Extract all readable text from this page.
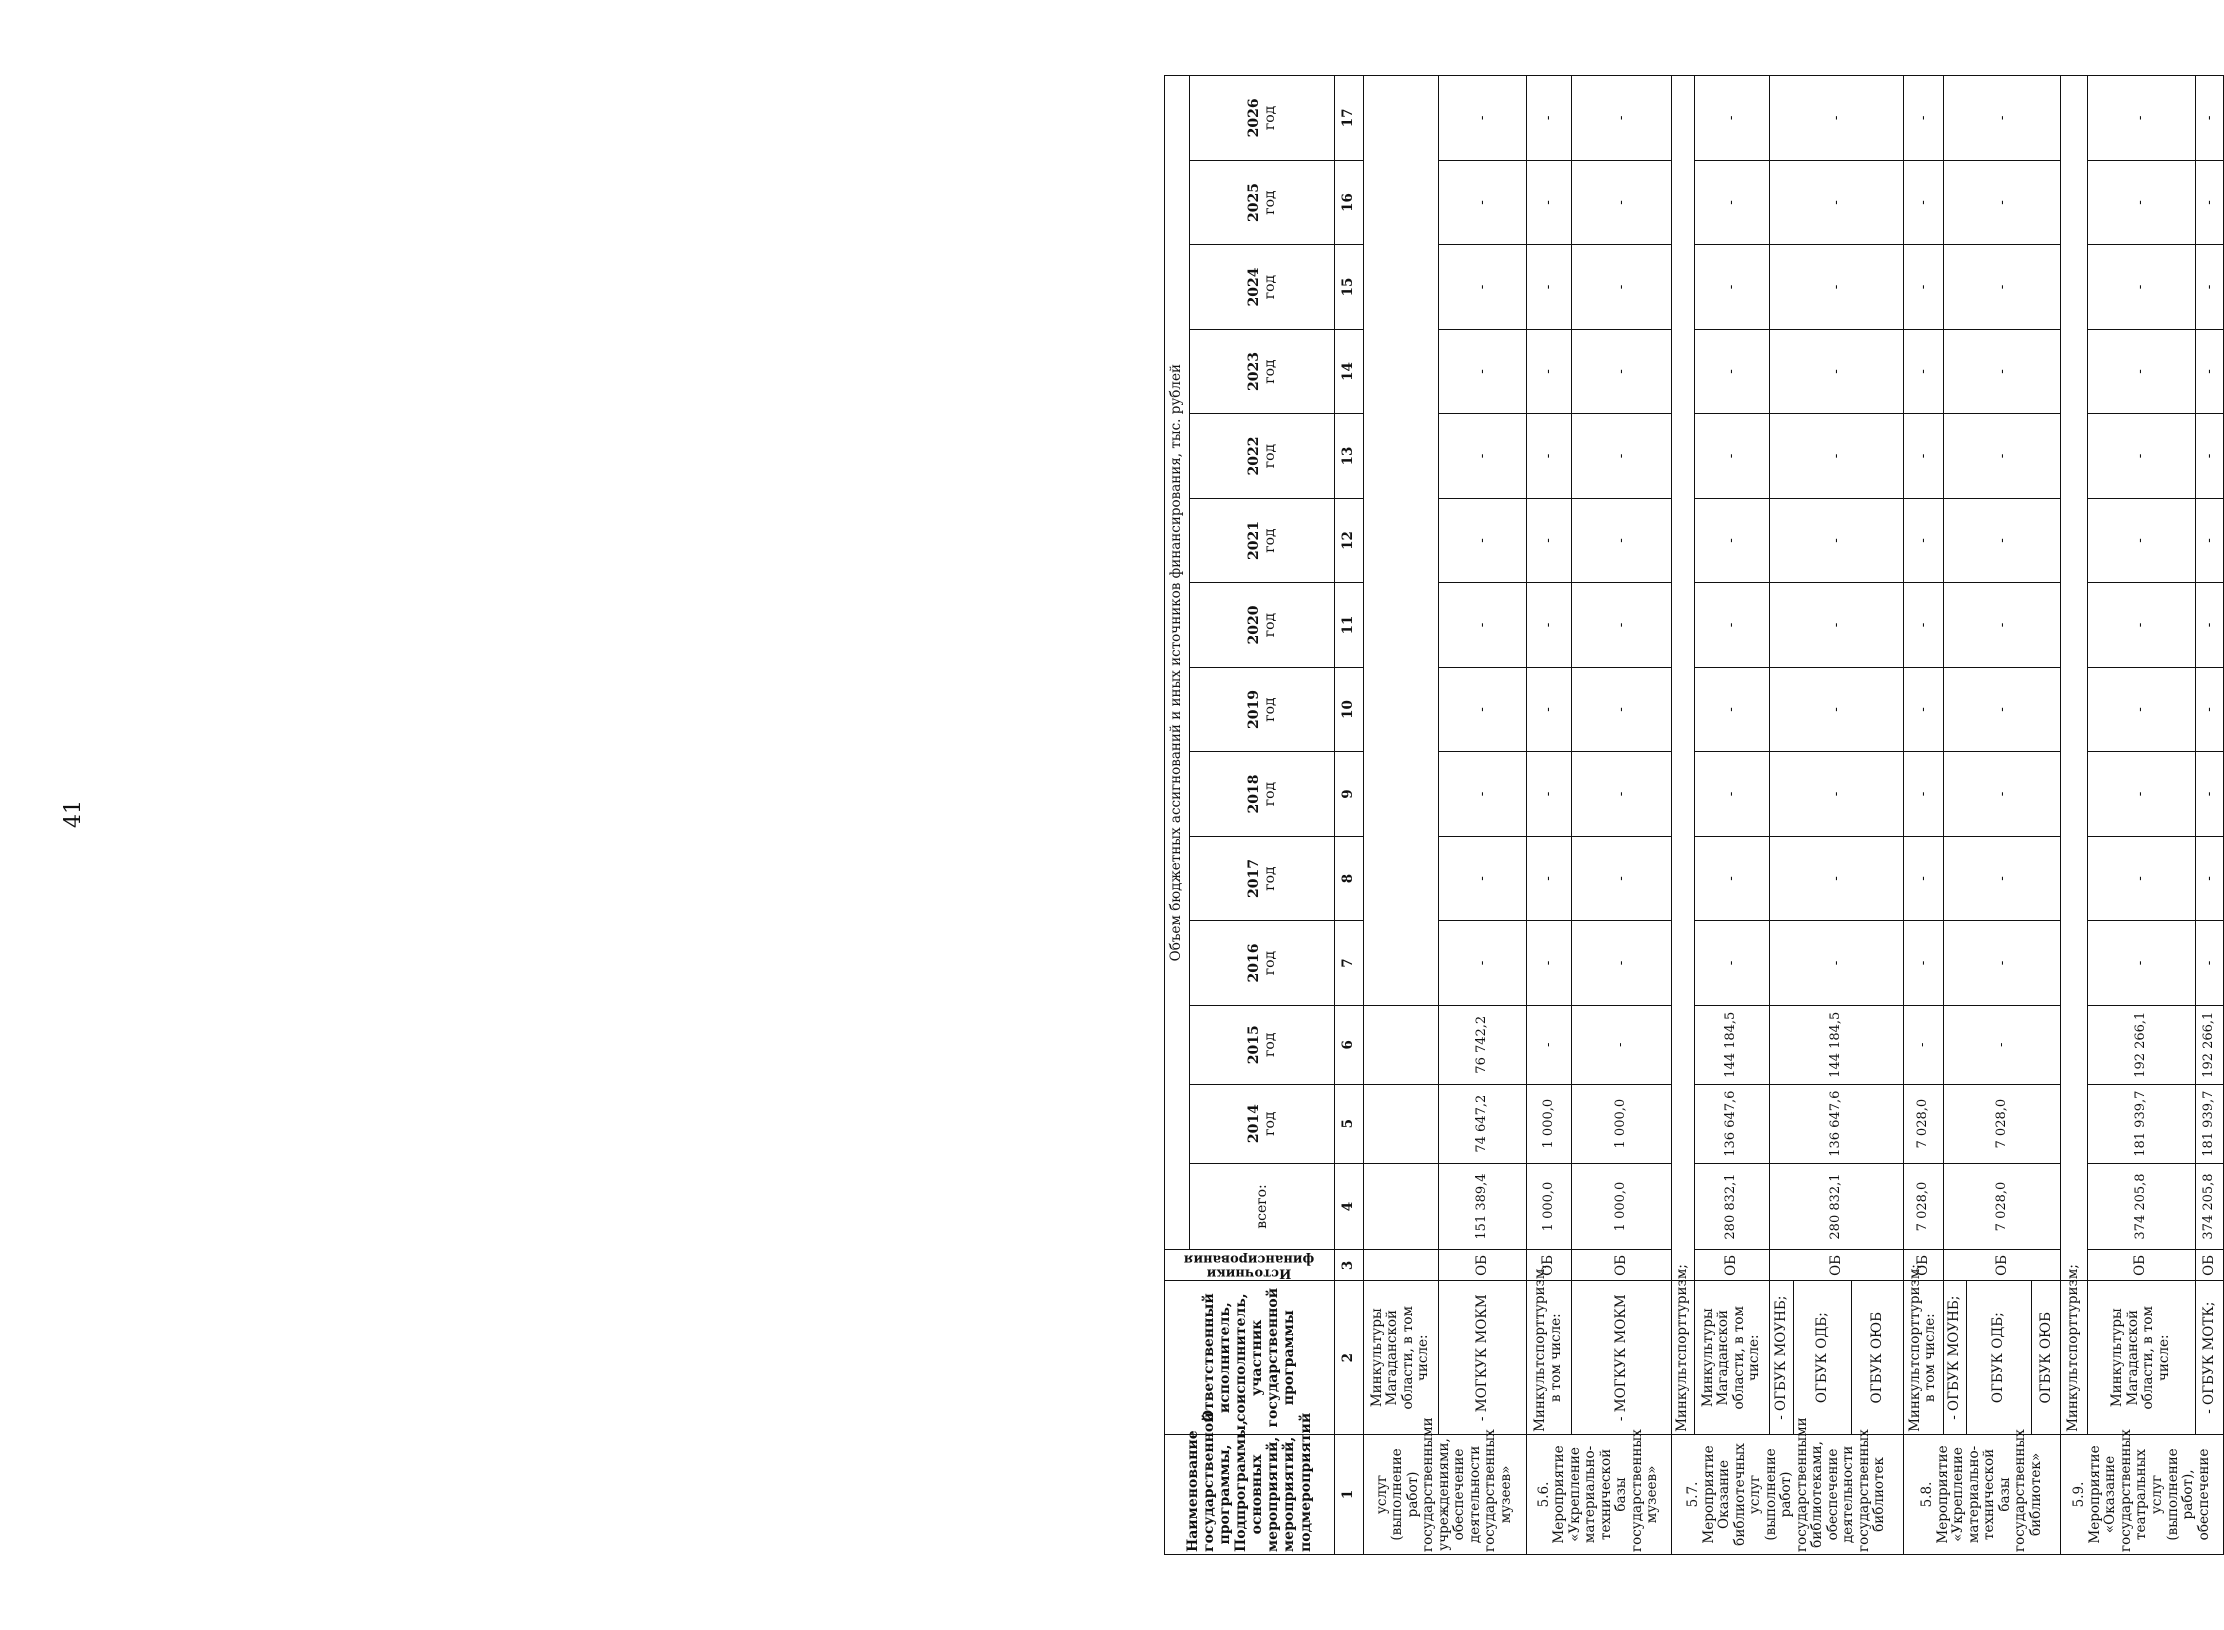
41
Наименование государственной программы, Подпрограммы, основных мероприятий, мероприятий, подмероприятий	Ответственный исполнитель, соисполнитель, участник государственной программы	Источники финансирования	Объем бюджетных ассигнований и иных источников финансирования, тыс. рублей													
			всего:	2014 год	2015 год	2016 год	2017 год	2018 год	2019 год	2020 год	2021 год	2022 год	2023 год	2024 год	2025 год	2026 год
1	2	3	4	5	6	7	8	9	10	11	12	13	14	15	16	17
услуг (выполнение работ) государственными учреждениями, обеспечение деятельности государственных музеев»	Минкультуры Магаданской области, в том числе:															
	- МОГКУК МОКМ	ОБ	151 389,4	74 647,2	76 742,2	-	-	-	-	-	-	-	-	-	-	-
5.6. Мероприятие «Укрепление материально-технической базы государственных музеев»	Минкультспорттуризм, в том числе:	ОБ	1 000,0	1 000,0	-	-	-	-	-	-	-	-	-	-	-	-
	- МОГКУК МОКМ	ОБ	1 000,0	1 000,0	-	-	-	-	-	-	-	-	-	-	-	-
5.7. Мероприятие Оказание библиотечных услуг (выполнение работ) государственными библиотеками, обеспечение деятельности государственных библиотек	Минкультспорттуризм;															
	Минкультуры Магаданской области, в том числе:	ОБ	280 832,1	136 647,6	144 184,5	-	-	-	-	-	-	-	-	-	-	-
	- ОГБУК МОУНБ;	ОБ	280 832,1	136 647,6	144 184,5	-	-	-	-	-	-	-	-	-	-	-
	ОГБУК ОДБ;															
	ОГБУК ОЮБ															
5.8. Мероприятие «Укрепление материально-технической базы государственных библиотек»	Минкультспорттуризм; в том числе:	ОБ	7 028,0	7 028,0	-	-	-	-	-	-	-	-	-	-	-	-
	- ОГБУК МОУНБ;	ОБ	7 028,0	7 028,0	-	-	-	-	-	-	-	-	-	-	-	-
	ОГБУК ОДБ;															
	ОГБУК ОЮБ															
5.9. Мероприятие «Оказание государственных театральных услуг (выполнение работ), обеспечение	Минкультспорттуризм;															
	Минкультуры Магаданской области, в том числе:	ОБ	374 205,8	181 939,7	192 266,1	-	-	-	-	-	-	-	-	-	-	-
	- ОГБУК МОТК;	ОБ	374 205,8	181 939,7	192 266,1	-	-	-	-	-	-	-	-	-	-	-
